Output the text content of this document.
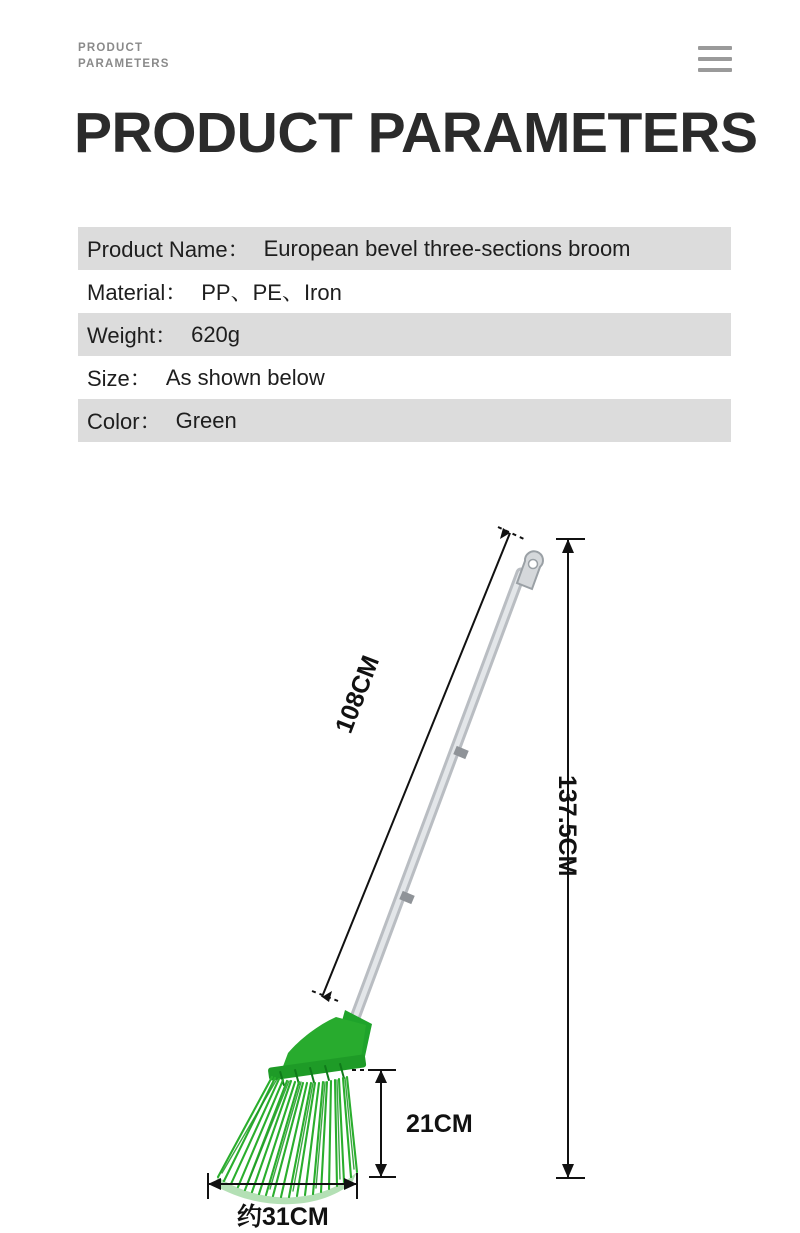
PRODUCT
PARAMETERS
PRODUCT PARAMETERS
Product Name： European bevel three-sections broom
Material： PP、PE、Iron
Weight： 620g
Size： As shown below
Color： Green
108CM
137.5CM
21CM
约31CM
